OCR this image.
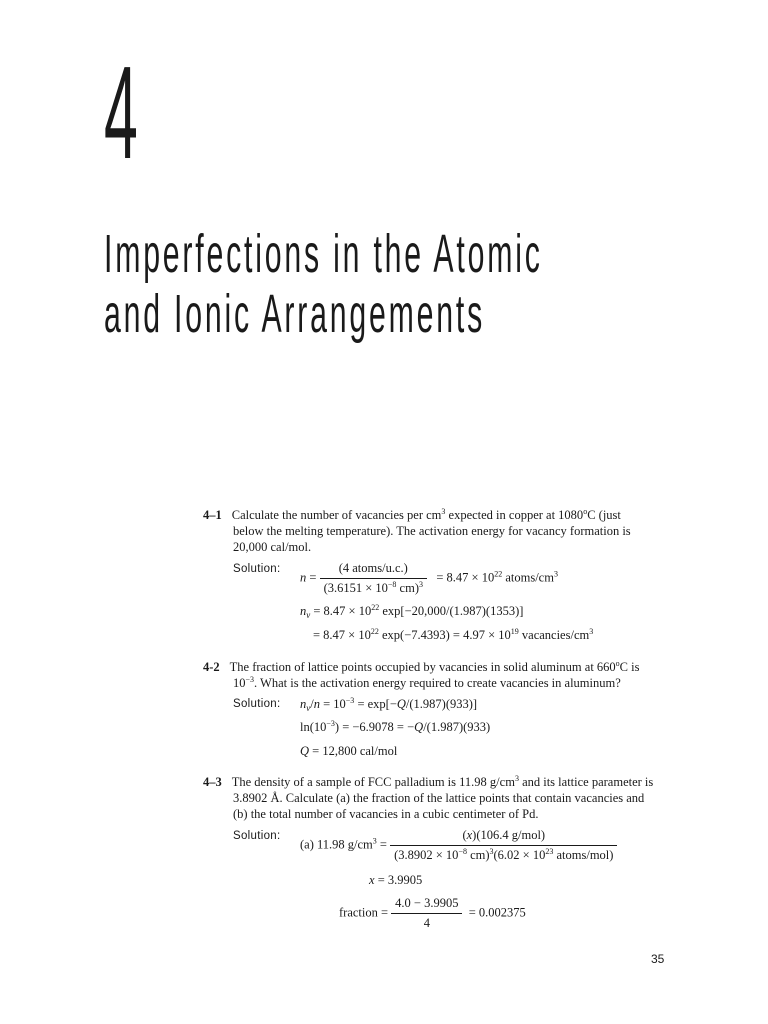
4
Imperfections in the Atomic
and Ionic Arrangements
4–1 Calculate the number of vacancies per $cm^3$ expected in copper at 1080$^o$C (just
below the melting temperature). The activation energy for vacancy formation is
20,000 cal/mol.
Solution:
$n = \frac{\text{(4 atoms/u.c.)}}{(3.6151 \times 10^{-8} cm)^3} = 8.47 \times 10^{22}$ atoms/$cm^3$
$n_v = 8.47 \times 10^{22}$ exp[−20,000/(1.987)(1353)]
= $8.47 \times 10^{22}$ $\exp(-7.4393) = 4.97 \times 10^{19}$ vacancies/$cm^3$
4-2 The fraction of lattice points occupied by vacancies in solid aluminum at 660$^o$C is
$10^{-3}$. What is the activation energy required to create vacancies in aluminum?
Solution: $n_v/n = 10^{-3} = \exp[-Q/(1.987)(933)]$
$\ln(10^{-3}) = -6.9078 = -Q/(1.987)(933)$
Q = 12,800 cal/mol
4–3 The density of a sample of FCC palladium is 11.98 $g/cm^3$ and its lattice parameter is
3.8902 Å. Calculate (a) the fraction of the lattice points that contain vacancies and
(b) the total number of vacancies in a cubic centimeter of Pd.
Solution:
(a) 11.98 $g/cm^3 = \frac{\text{(x)(106.4 g/mol)}}{(3.8902 \times 10^{-8} cm)^3(6.02 \times 10^{23} atoms/mol)}$
x = 3.9905
fraction = $\frac{4.0 - 3.9905}{4} = 0.002375$
35
